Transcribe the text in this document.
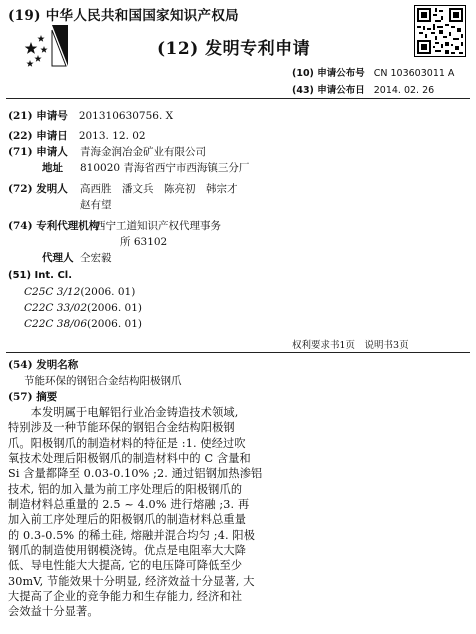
(19) 中华人民共和国国家知识产权局
(12) 发明专利申请
(10) 申请公布号 CN 103603011 A
(43) 申请公布日 2014. 02. 26
(21) 申请号 201310630756. X
(22) 申请日 2013. 12. 02
(71) 申请人 青海金润冶金矿业有限公司
地址 810020 青海省西宁市西海镇三分厂
(72) 发明人 高西胜　潘文兵　陈亮初　韩宗才
赵有望
(74) 专利代理机构
西宁工道知识产权代理事务
所 63102
代理人 仝宏毅
(51) Int. Cl.
C25C 3/12(2006. 01)
C22C 33/02(2006. 01)
C22C 38/06(2006. 01)
权利要求书1页　说明书3页
(54) 发明名称
节能环保的钢铝合金结构阳极钢爪
(57) 摘要
　　本发明属于电解铝行业冶金铸造技术领域,
特别涉及一种节能环保的钢铝合金结构阳极钢
爪。阳极钢爪的制造材料的特征是 :1. 使经过吹
氧技术处理后阳极钢爪的制造材料中的 C 含量和
Si 含量都降至 0.03-0.10% ;2. 通过铝钢加热渗铝
技术, 铝的加入量为前工序处理后的阳极钢爪的
制造材料总重量的 2.5 ~ 4.0% 进行熔融 ;3. 再
加入前工序处理后的阳极钢爪的制造材料总重量
的 0.3-0.5% 的稀土硅, 熔融并混合均匀 ;4. 阳极
钢爪的制造使用钢模浇铸。优点是电阻率大大降
低、导电性能大大提高, 它的电压降可降低至少
30mV, 节能效果十分明显, 经济效益十分显著, 大
大提高了企业的竞争能力和生存能力, 经济和社
会效益十分显著。
